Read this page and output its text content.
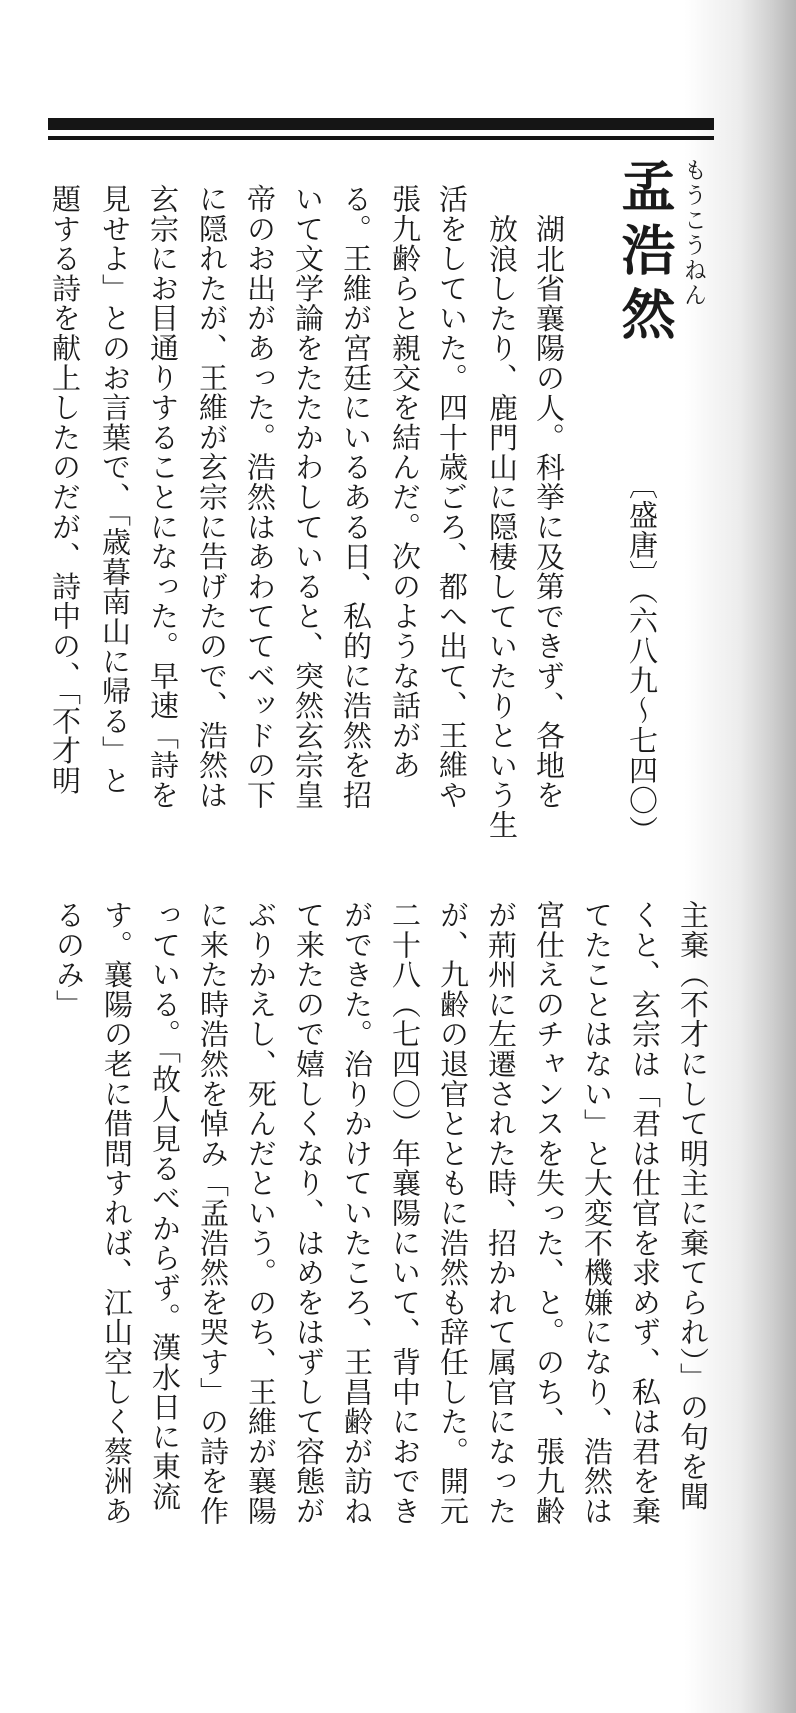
孟浩然 もうこうねん
〔盛唐〕（六八九〜七四〇）
湖北省襄陽の人。科挙に及第できず、各地を
放浪したり、鹿門山に隠棲していたりという生
活をしていた。四十歳ごろ、都へ出て、王維や
張九齢らと親交を結んだ。次のような話があ
る。王維が宮廷にいるある日、私的に浩然を招
いて文学論をたたかわしていると、突然玄宗皇
帝のお出があった。浩然はあわててベッドの下
に隠れたが、王維が玄宗に告げたので、浩然は
玄宗にお目通りすることになった。早速「詩を
見せよ」とのお言葉で、「歳暮南山に帰る」と
題する詩を献上したのだが、詩中の、「不才明
主棄（不才にして明主に棄てられ）」の句を聞
くと、玄宗は「君は仕官を求めず、私は君を棄
てたことはない」と大変不機嫌になり、浩然は
宮仕えのチャンスを失った、と。のち、張九齢
が荊州に左遷された時、招かれて属官になった
が、九齢の退官とともに浩然も辞任した。開元
二十八（七四〇）年襄陽にいて、背中におでき
ができた。治りかけていたころ、王昌齢が訪ね
て来たので嬉しくなり、はめをはずして容態が
ぶりかえし、死んだという。のち、王維が襄陽
に来た時浩然を悼み「孟浩然を哭す」の詩を作
っている。「故人見るべからず。漢水日に東流
す。襄陽の老に借問すれば、江山空しく蔡洲あ
るのみ」
